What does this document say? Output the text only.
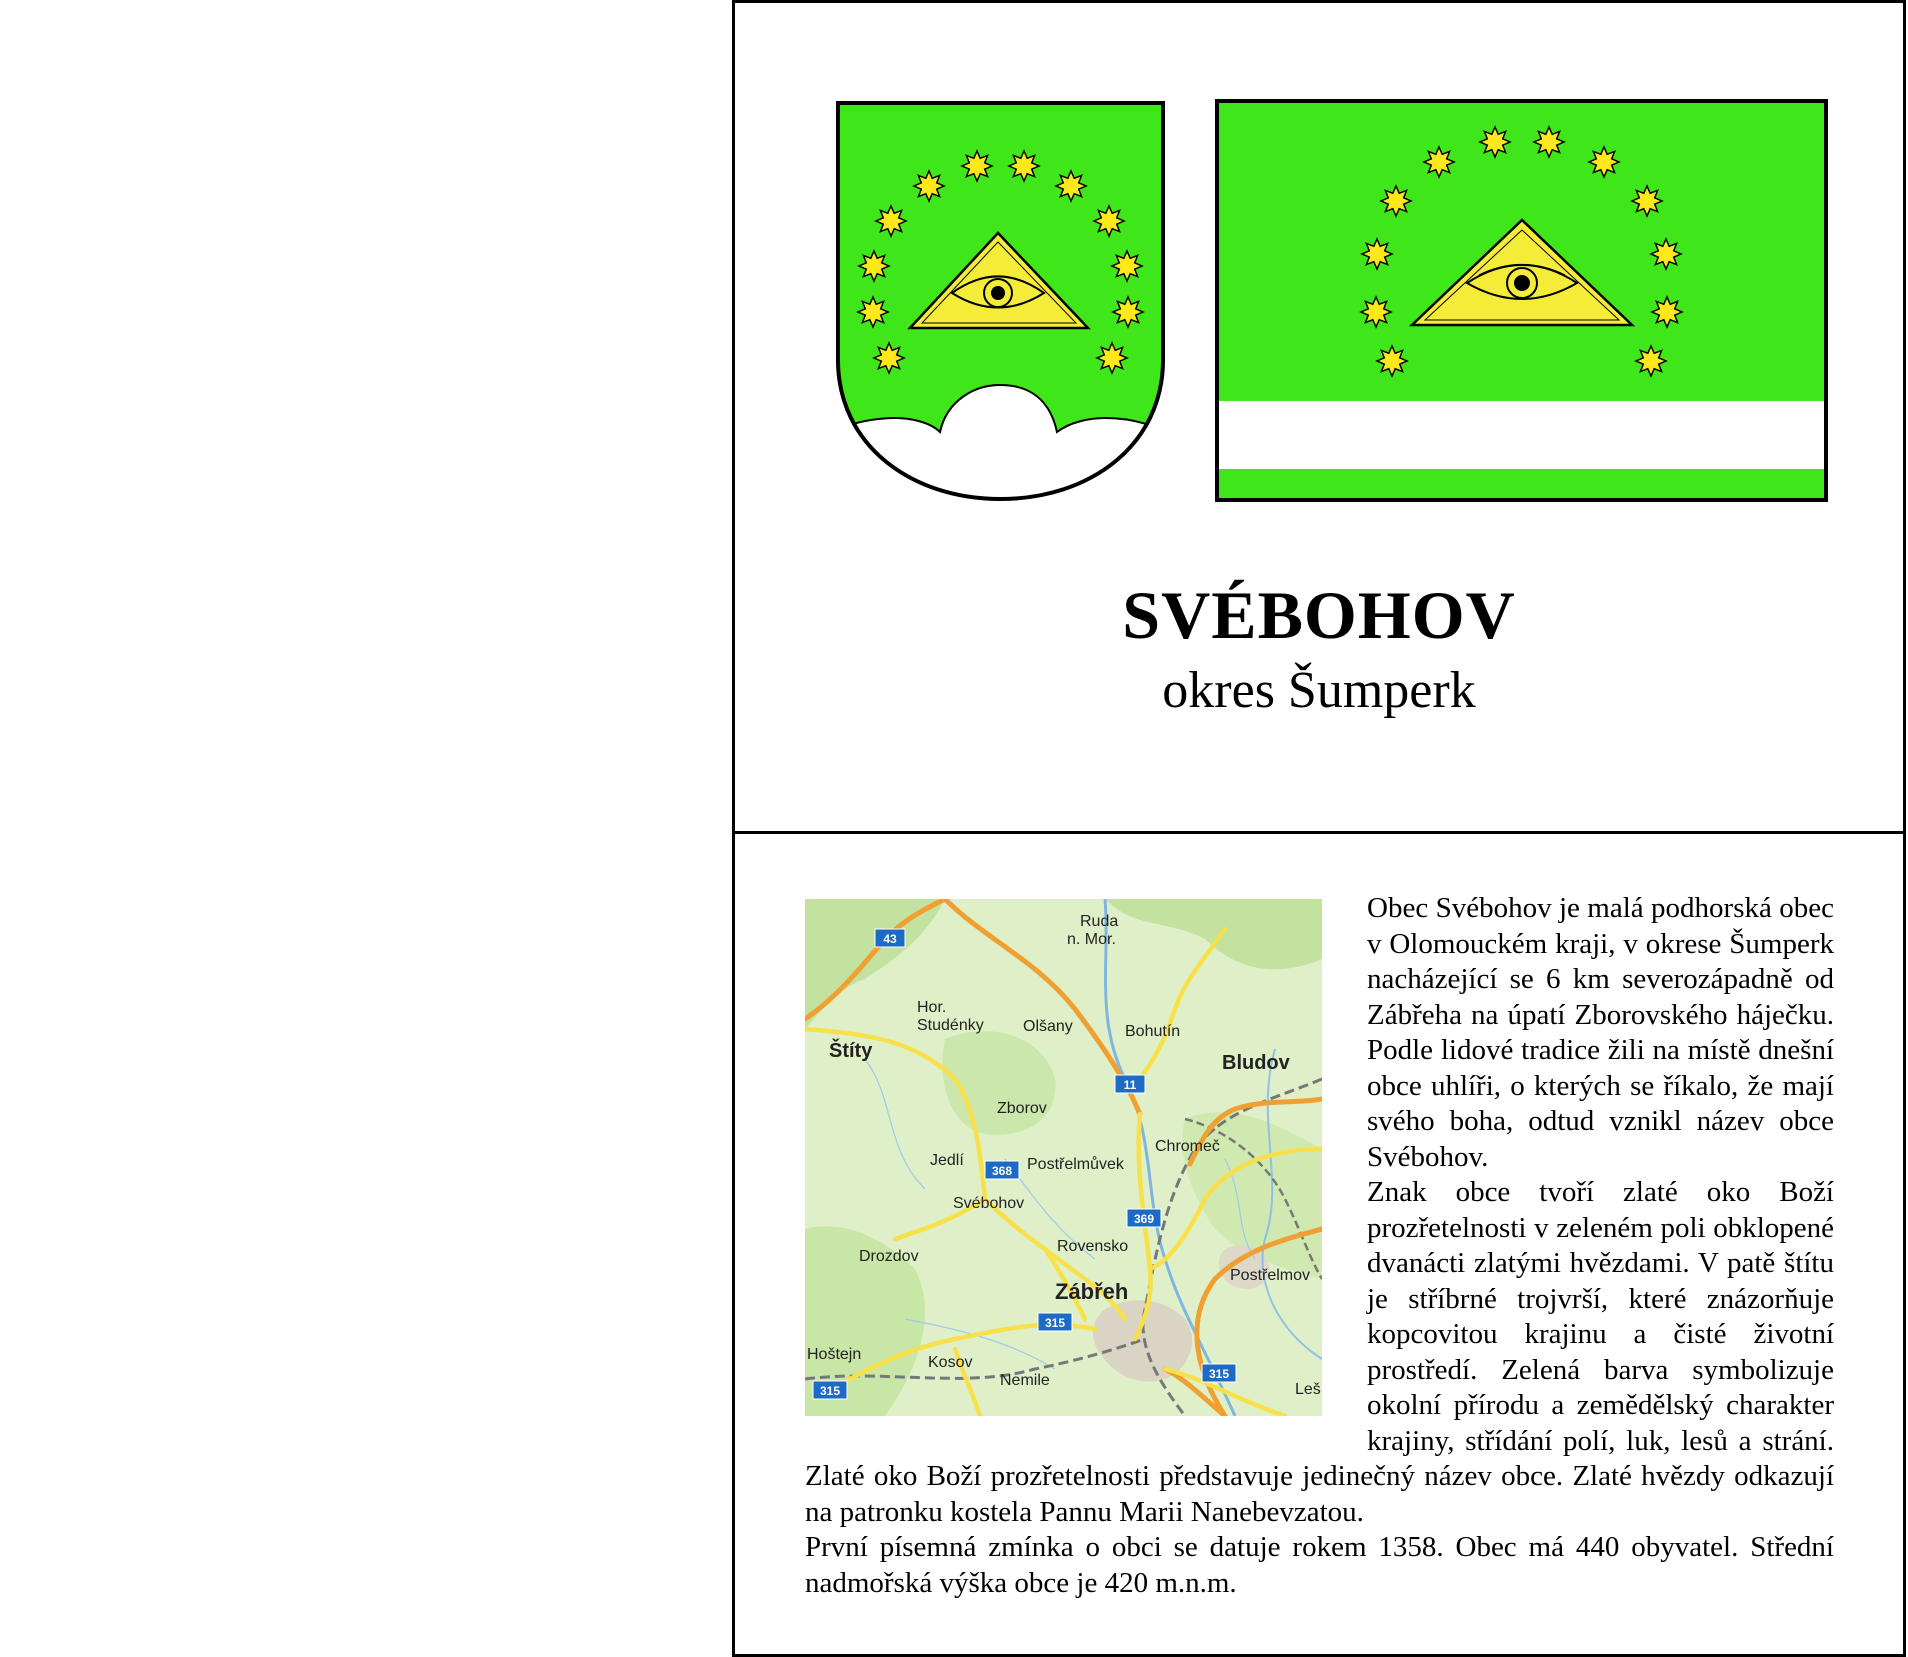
SVÉBOHOV
okres Šumperk
43
11
368
369
315
315
315
Ruda
n. Mor.
Hor.
Studénky Olšany	Bohutín
Štíty
Bludov
Zborov
Chromeč
Jedlí	Postřelmůvek
Svébohov
Drozdov
Rovensko
Zábřeh
Postřelmov
Hoštejn	Kosov
Nemile
Leš
Obec Svébohov je malá podhorská obec v Olomouckém kraji, v okrese Šumperk nacházející se 6 km severozápadně od Zábřeha na úpatí Zborovského háječku. Podle lidové tradice žili na místě dnešní obce uhlíři, o kterých se říkalo, že mají svého boha, odtud vznikl název obce Svébohov.
Znak obce tvoří zlaté oko Boží prozřetelnosti v zeleném poli obklopené dvanácti zlatými hvězdami. V patě štítu je stříbrné trojvrší, které znázorňuje kopcovitou krajinu a čisté životní prostředí. Zelená barva symbolizuje okolní přírodu a zemědělský charakter krajiny, střídání polí, luk, lesů a strání. Zlaté oko Boží prozřetelnosti představuje jedinečný název obce. Zlaté hvězdy odkazují na patronku kostela Pannu Marii Nanebevzatou.
První písemná zmínka o obci se datuje rokem 1358. Obec má 440 obyvatel. Střední nadmořská výška obce je 420 m.n.m.
